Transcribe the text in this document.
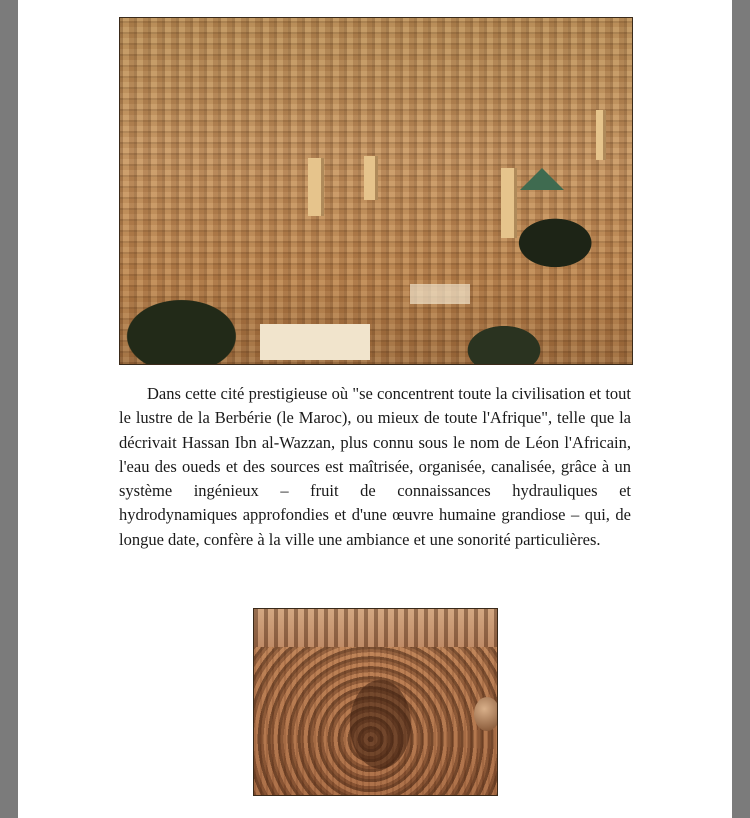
Dans cette cité prestigieuse où "se concentrent toute la civilisation et tout le lustre de la Berbérie (le Maroc), ou mieux de toute l'Afrique", telle que la décrivait Hassan Ibn al-Wazzan, plus connu sous le nom de Léon l'Africain, l'eau des oueds et des sources est maîtrisée, organisée, canalisée, grâce à un système ingénieux – fruit de connaissances hydrauliques et hydrodynamiques approfondies et d'une œuvre humaine grandiose – qui, de longue date, confère à la ville une ambiance et une sonorité particulières.
